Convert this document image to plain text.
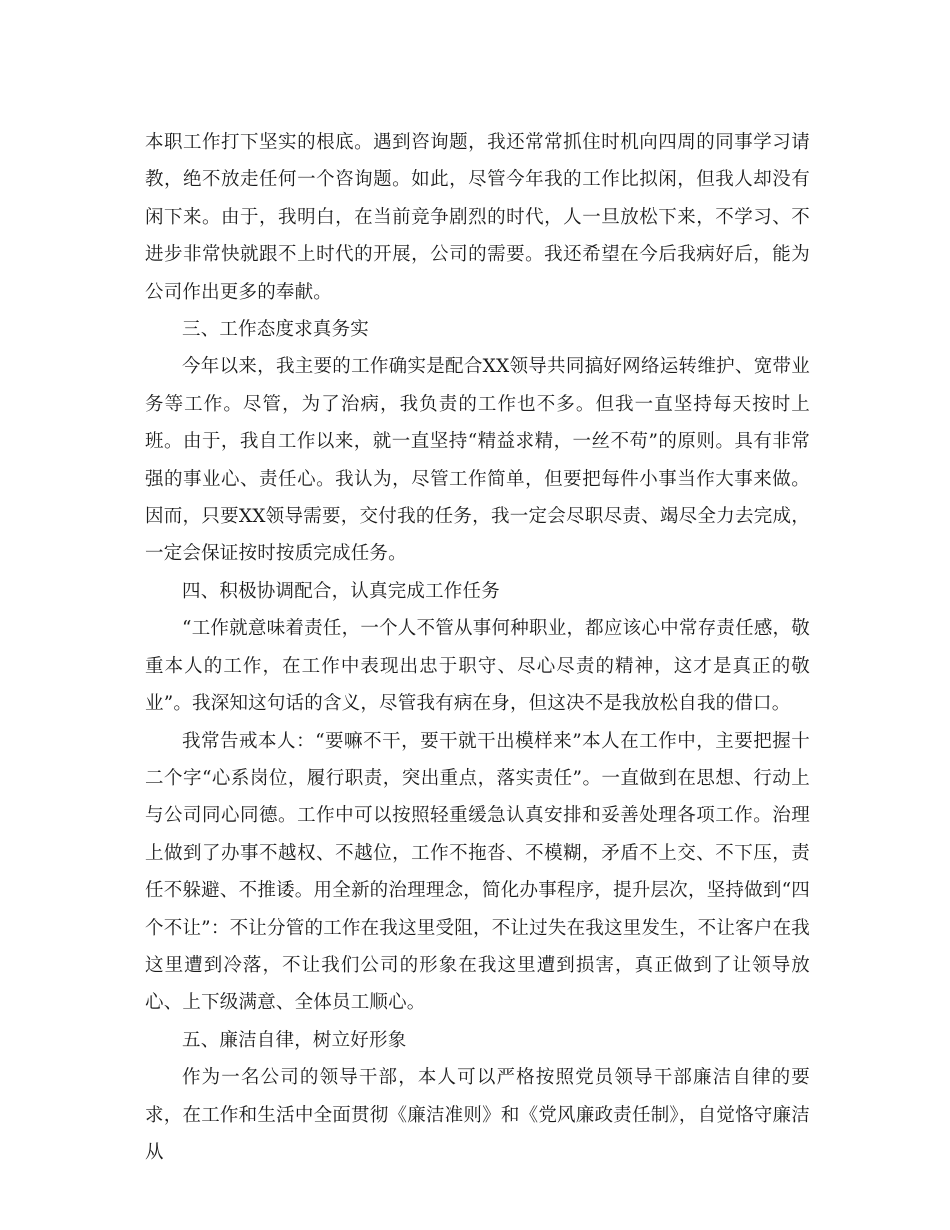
本职工作打下坚实的根底。遇到咨询题，我还常常抓住时机向四周的同事学习请教，绝不放走任何一个咨询题。如此，尽管今年我的工作比拟闲，但我人却没有闲下来。由于，我明白，在当前竞争剧烈的时代，人一旦放松下来，不学习、不进步非常快就跟不上时代的开展，公司的需要。我还希望在今后我病好后，能为公司作出更多的奉献。

三、工作态度求真务实

今年以来，我主要的工作确实是配合XX领导共同搞好网络运转维护、宽带业务等工作。尽管，为了治病，我负责的工作也不多。但我一直坚持每天按时上班。由于，我自工作以来，就一直坚持“精益求精，一丝不苟”的原则。具有非常强的事业心、责任心。我认为，尽管工作简单，但要把每件小事当作大事来做。因而，只要XX领导需要，交付我的任务，我一定会尽职尽责、竭尽全力去完成，一定会保证按时按质完成任务。

四、积极协调配合，认真完成工作任务

“工作就意味着责任，一个人不管从事何种职业，都应该心中常存责任感，敬重本人的工作，在工作中表现出忠于职守、尽心尽责的精神，这才是真正的敬业”。我深知这句话的含义，尽管我有病在身，但这决不是我放松自我的借口。

我常告戒本人：“要嘛不干，要干就干出模样来”本人在工作中，主要把握十二个字“心系岗位，履行职责，突出重点，落实责任”。一直做到在思想、行动上与公司同心同德。工作中可以按照轻重缓急认真安排和妥善处理各项工作。治理上做到了办事不越权、不越位，工作不拖沓、不模糊，矛盾不上交、不下压，责任不躲避、不推诿。用全新的治理理念，简化办事程序，提升层次，坚持做到“四个不让”：不让分管的工作在我这里受阻，不让过失在我这里发生，不让客户在我这里遭到冷落，不让我们公司的形象在我这里遭到损害，真正做到了让领导放心、上下级满意、全体员工顺心。

五、廉洁自律，树立好形象

作为一名公司的领导干部，本人可以严格按照党员领导干部廉洁自律的要求，在工作和生活中全面贯彻《廉洁准则》和《党风廉政责任制》，自觉恪守廉洁从
